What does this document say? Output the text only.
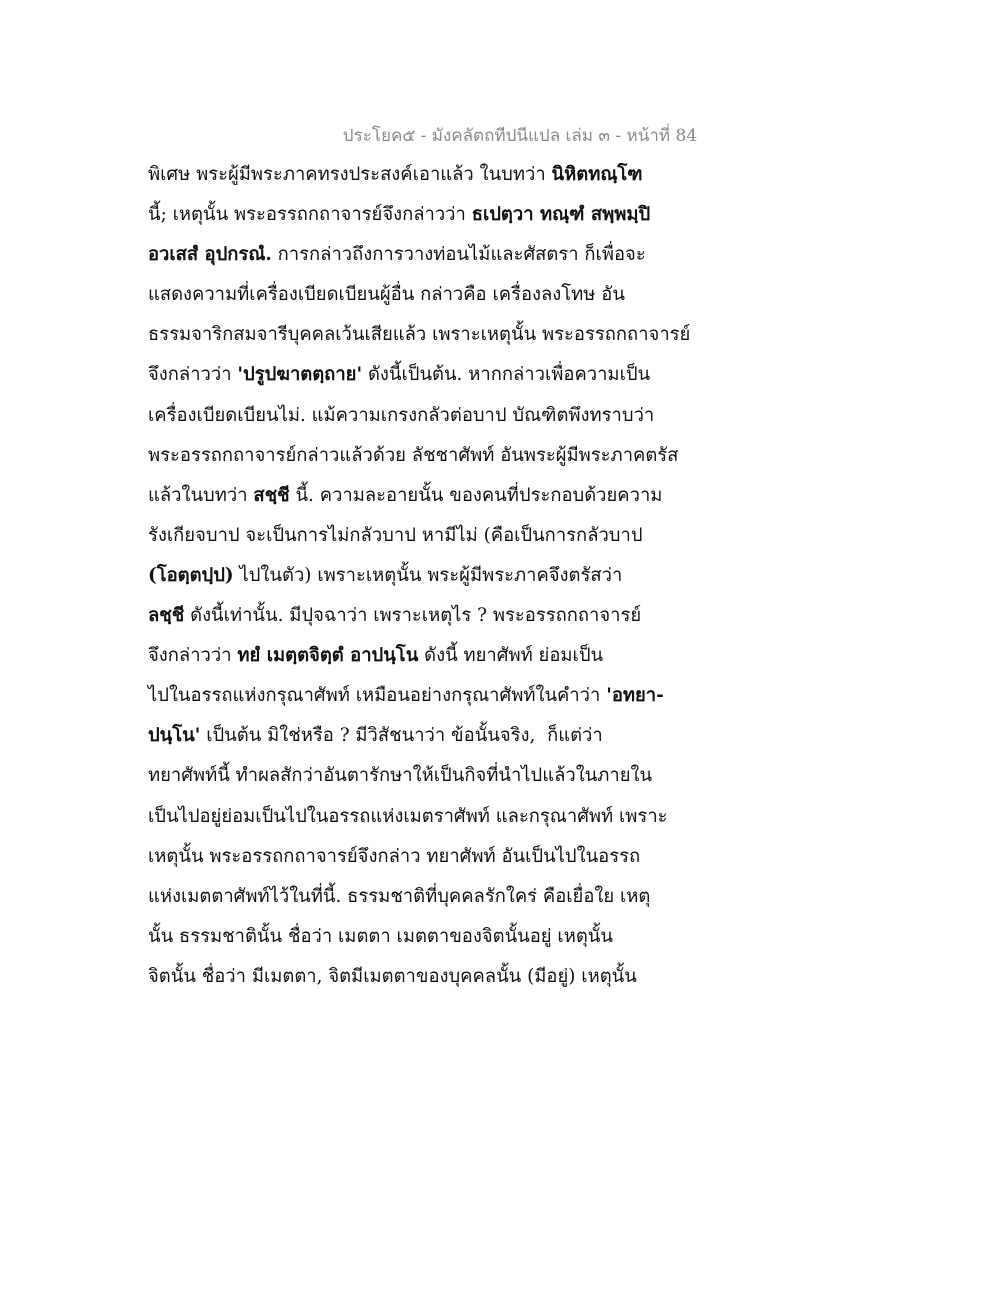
ประโยค๕ - มังคลัตถทีปนีแปล เล่ม ๓ - หน้าที่ 84
พิเศษ พระผู้มีพระภาคทรงประสงค์เอาแล้ว ในบทว่า นิหิตทณฺโฑ
นี้; เหตุนั้น พระอรรถกถาจารย์จึงกล่าวว่า ธเปตฺวา ทณฺฑํ สพฺพมฺปิ
อวเสสํ อุปกรณํ. การกล่าวถึงการวางท่อนไม้และศัสตรา ก็เพื่อจะ
แสดงความที่เครื่องเบียดเบียนผู้อื่น กล่าวคือ เครื่องลงโทษ อัน
ธรรมจาริกสมจารีบุคคลเว้นเสียแล้ว เพราะเหตุนั้น พระอรรถกถาจารย์
จึงกล่าวว่า 'ปรูปฆาตตฺถาย' ดังนี้เป็นต้น. หากกล่าวเพื่อความเป็น
เครื่องเบียดเบียนไม่. แม้ความเกรงกลัวต่อบาป บัณฑิตพึงทราบว่า
พระอรรถกถาจารย์กล่าวแล้วด้วย ลัชชาศัพท์ อันพระผู้มีพระภาคตรัส
แล้วในบทว่า สชฺชี นี้. ความละอายนั้น ของคนที่ประกอบด้วยความ
รังเกียจบาป จะเป็นการไม่กลัวบาป หามีไม่ (คือเป็นการกลัวบาป
(โอตฺตปฺป) ไปในตัว) เพราะเหตุนั้น พระผู้มีพระภาคจึงตรัสว่า
ลชฺชี ดังนี้เท่านั้น. มีปุจฉาว่า เพราะเหตุไร ? พระอรรถกถาจารย์
จึงกล่าวว่า ทยํ เมตฺตจิตฺตํ อาปนฺโน ดังนี้ ทยาศัพท์ ย่อมเป็น
ไปในอรรถแห่งกรุณาศัพท์ เหมือนอย่างกรุณาศัพท์ในคำว่า 'อทยา-
ปนฺโน' เป็นต้น มิใช่หรือ ? มีวิสัชนาว่า ข้อนั้นจริง,  ก็แต่ว่า
ทยาศัพท์นี้ ทำผลสักว่าอันตารักษาให้เป็นกิจที่นำไปแล้วในภายใน
เป็นไปอยู่ย่อมเป็นไปในอรรถแห่งเมตราศัพท์ และกรุณาศัพท์ เพราะ
เหตุนั้น พระอรรถกถาจารย์จึงกล่าว ทยาศัพท์ อันเป็นไปในอรรถ
แห่งเมตตาศัพท์ไว้ในที่นี้. ธรรมชาติที่บุคคลรักใคร่ คือเยื่อใย เหตุ
นั้น ธรรมชาตินั้น ชื่อว่า เมตตา เมตตาของจิตนั้นอยู่ เหตุนั้น
จิตนั้น ชื่อว่า มีเมตตา, จิตมีเมตตาของบุคคลนั้น (มีอยู่) เหตุนั้น
